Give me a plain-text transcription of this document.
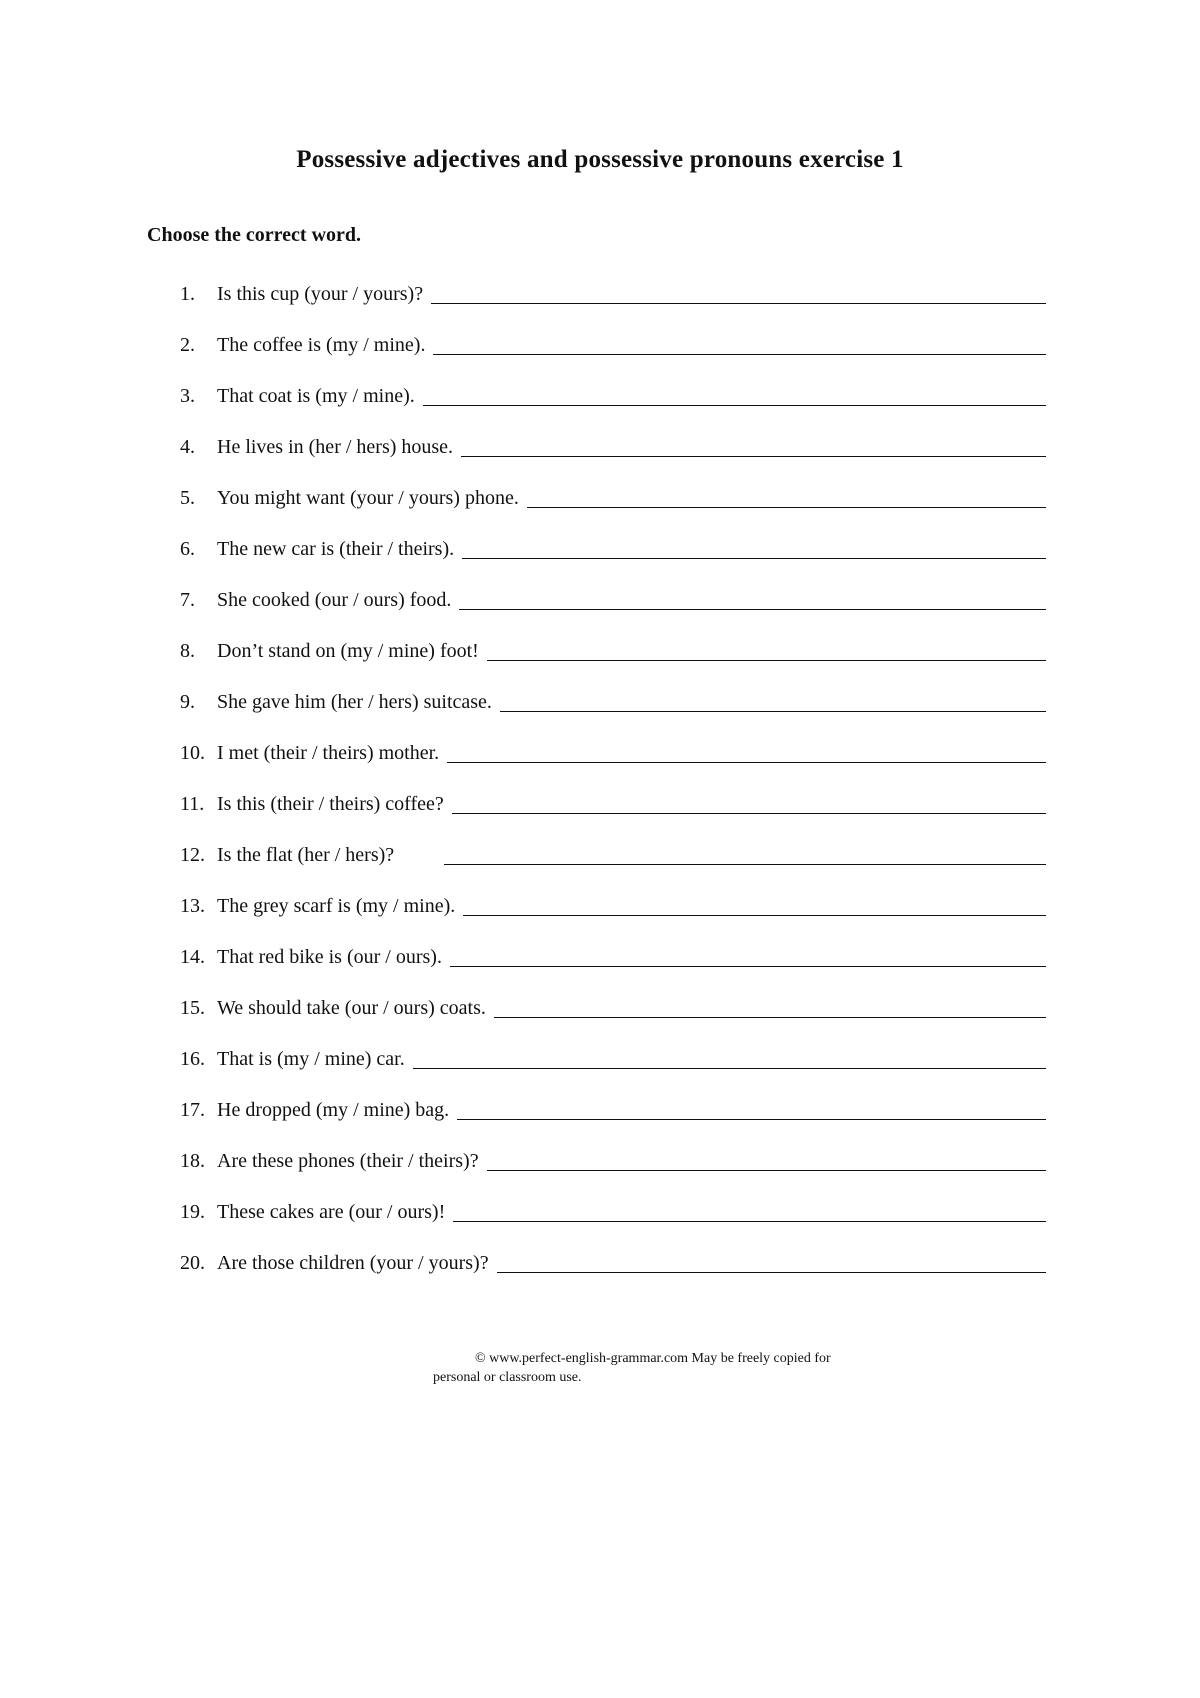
Possessive adjectives and possessive pronouns exercise 1
Choose the correct word.
1.	Is this cup (your / yours)?
2.	The coffee is (my / mine).
3.	That coat is (my / mine).
4.	He lives in (her / hers) house.
5.	You might want (your / yours) phone.
6.	The new car is (their / theirs).
7.	She cooked (our / ours) food.
8.	Don’t stand on (my / mine) foot!
9.	She gave him (her / hers) suitcase.
10. I met (their / theirs) mother.
11. Is this (their / theirs) coffee?
12. Is the flat (her / hers)?
13. The grey scarf is (my / mine).
14. That red bike is (our / ours).
15. We should take (our / ours) coats.
16. That is (my / mine) car.
17. He dropped (my / mine) bag.
18. Are these phones (their / theirs)?
19. These cakes are (our / ours)!
20. Are those children (your / yours)?
© www.perfect-english-grammar.com May be freely copied for
personal or classroom use.
